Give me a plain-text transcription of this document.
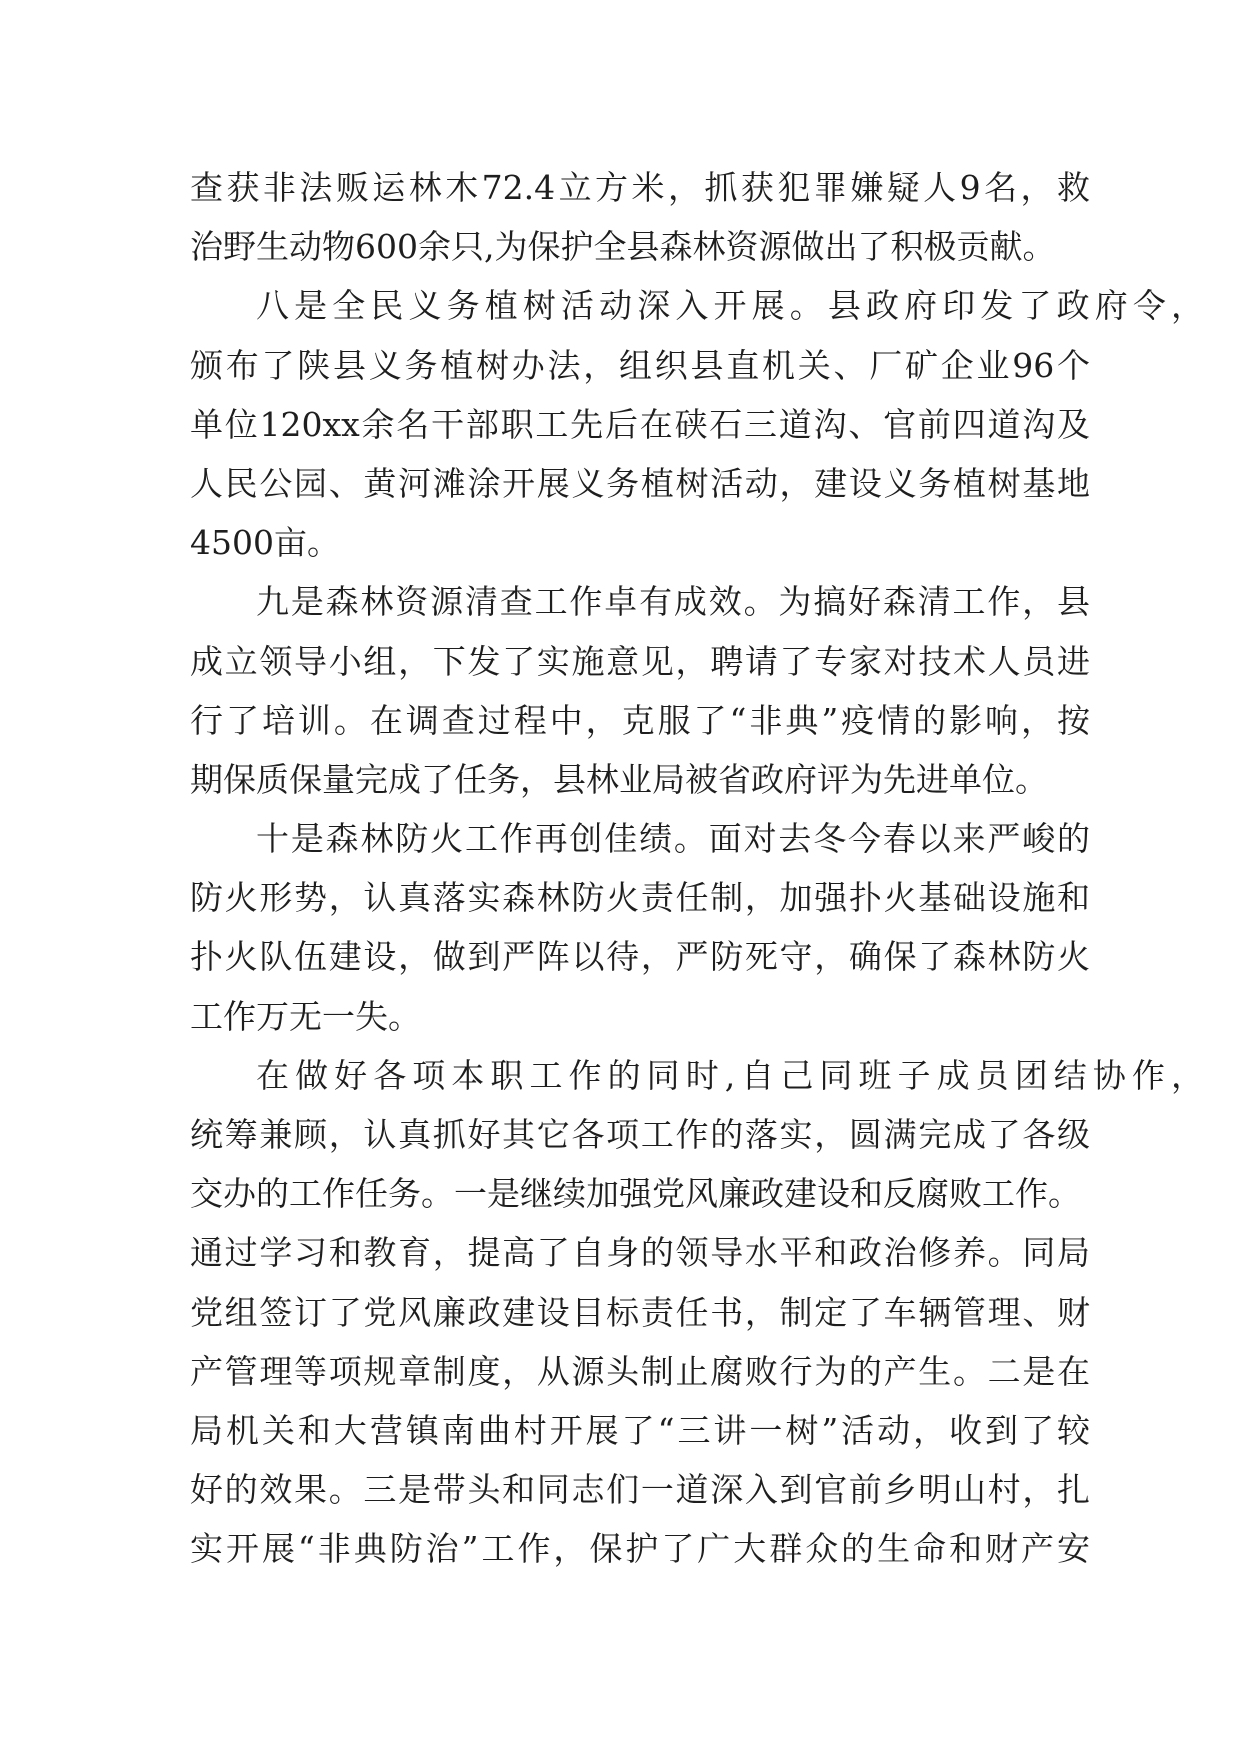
查获非法贩运林木72.4立方米，抓获犯罪嫌疑人9名，救
治野生动物600余只,为保护全县森林资源做出了积极贡献。
八是全民义务植树活动深入开展。县政府印发了政府令，
颁布了陕县义务植树办法，组织县直机关、厂矿企业96个
单位120xx余名干部职工先后在硖石三道沟、官前四道沟及
人民公园、黄河滩涂开展义务植树活动，建设义务植树基地
4500亩。
九是森林资源清查工作卓有成效。为搞好森清工作，县
成立领导小组，下发了实施意见，聘请了专家对技术人员进
行了培训。在调查过程中，克服了“非典”疫情的影响，按
期保质保量完成了任务，县林业局被省政府评为先进单位。
十是森林防火工作再创佳绩。面对去冬今春以来严峻的
防火形势，认真落实森林防火责任制，加强扑火基础设施和
扑火队伍建设，做到严阵以待，严防死守，确保了森林防火
工作万无一失。
在做好各项本职工作的同时,自己同班子成员团结协作，
统筹兼顾，认真抓好其它各项工作的落实，圆满完成了各级
交办的工作任务。一是继续加强党风廉政建设和反腐败工作。
通过学习和教育，提高了自身的领导水平和政治修养。同局
党组签订了党风廉政建设目标责任书，制定了车辆管理、财
产管理等项规章制度，从源头制止腐败行为的产生。二是在
局机关和大营镇南曲村开展了“三讲一树”活动，收到了较
好的效果。三是带头和同志们一道深入到官前乡明山村，扎
实开展“非典防治”工作，保护了广大群众的生命和财产安
